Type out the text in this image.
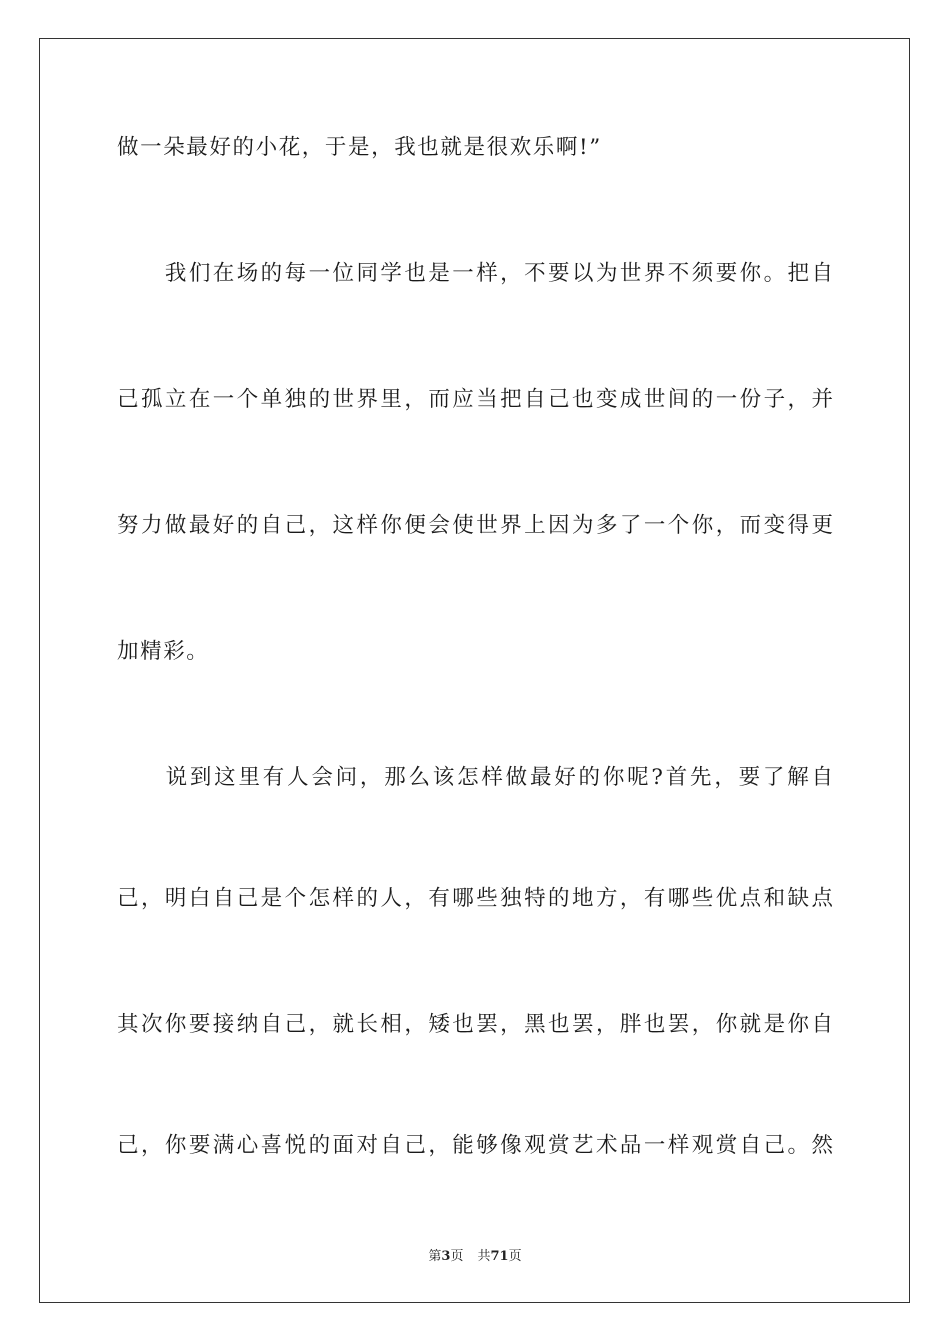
做一朵最好的小花，于是，我也就是很欢乐啊!”
　　我们在场的每一位同学也是一样，不要以为世界不须要你。把自
己孤立在一个单独的世界里，而应当把自己也变成世间的一份子，并
努力做最好的自己，这样你便会使世界上因为多了一个你，而变得更
加精彩。
　　说到这里有人会问，那么该怎样做最好的你呢?首先，要了解自
己，明白自己是个怎样的人，有哪些独特的地方，有哪些优点和缺点
其次你要接纳自己，就长相，矮也罢，黑也罢，胖也罢，你就是你自
己，你要满心喜悦的面对自己，能够像观赏艺术品一样观赏自己。然
第3页 共71页
